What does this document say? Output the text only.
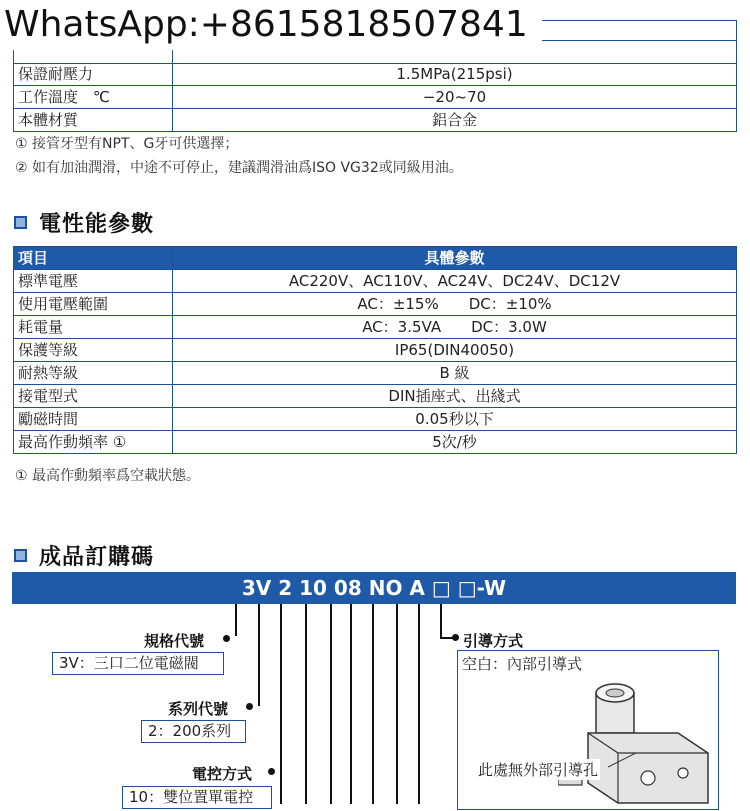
WhatsApp:+8615818507841

保證耐壓力	1.5MPa(215psi)
工作溫度　℃	−20~70
本體材質	鋁合金
① 接管牙型有NPT、G牙可供選擇；
② 如有加油潤滑，中途不可停止，建議潤滑油爲ISO VG32或同級用油。
電性能參數
項目	具體參數
標準電壓	AC220V、AC110V、AC24V、DC24V、DC12V
使用電壓範圍	AC：±15%　　DC：±10%
耗電量	AC：3.5VA　　DC：3.0W
保護等級	IP65(DIN40050)
耐熱等級	B 級
接電型式	DIN插座式、出綫式
勵磁時間	0.05秒以下
最高作動頻率 ①	5次/秒
① 最高作動頻率爲空載狀態。
成品訂購碼
3V 2 10 08 NO A □ □-W
規格代號
3V：三口二位電磁閥
系列代號
2：200系列
電控方式
10：雙位置單電控
引導方式
空白：內部引導式
此處無外部引導孔
